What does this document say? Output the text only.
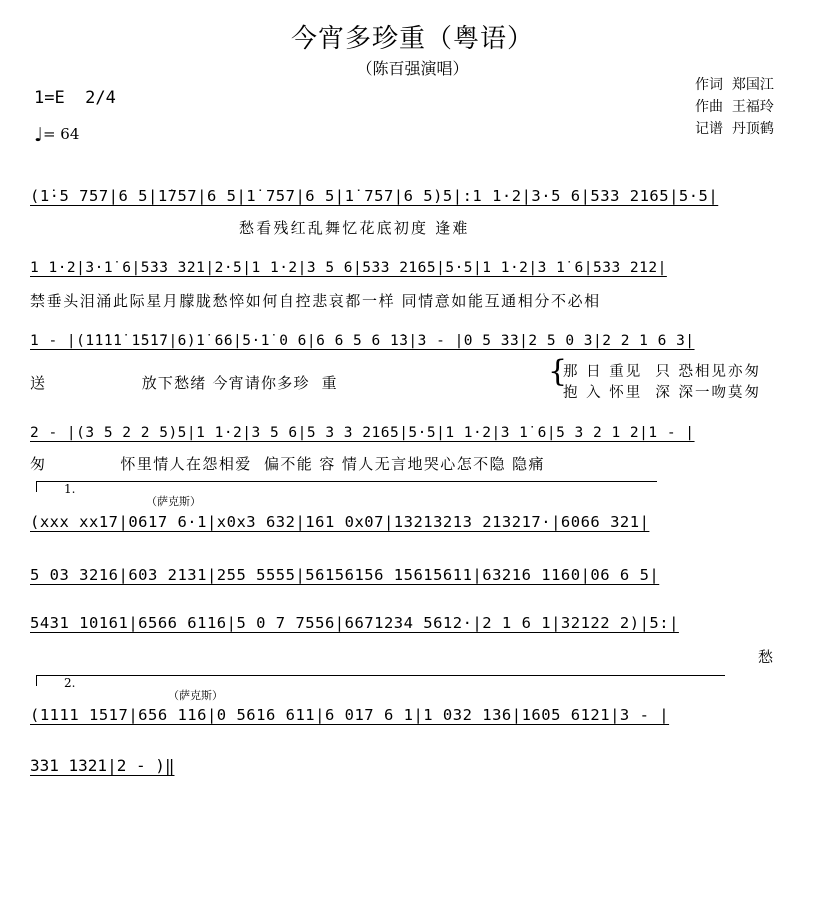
今宵多珍重（粤语）
（陈百强演唱）
作词  郑国江
作曲  王福玲
记谱  丹顶鹤
1=E  2/4
♩= 64
(1̇·5 757|6 5|1̇757|6 5|1̇ 757|6 5|1̇ 757|6 5)5|:1 1·2|3·5 6|533 2165|5·5|
愁看残红乱舞忆花底初度 逢难
1 1·2|3·1̇ 6|533 321|2·5|1 1·2|3 5 6|533 2165|5·5|1 1·2|3 1̇ 6|533 212|
禁垂头泪涌此际星月朦胧愁悴如何自控悲哀都一样 同情意如能互通相分不必相
1 - |(1̇1̇1̇1̇ 1̇5̇1̇7|6)1̇ 66|5·1̇ 0 6|6 6 5 6 1̇3|3 - |0 5 33|2 5 0 3|2 2 1 6 3|
送                放下愁绪 今宵请你多珍  重	{
那 日 重见  只 恐相见亦匆
抱 入 怀里  深 深一吻莫匆
2 - |(3 5 2 2 5)5|1 1·2|3 5 6|5 3 3 2165|5·5|1 1·2|3 1̇ 6|5 3 2 1 2|1 - |
匆            怀里情人在怨相爱  偏不能 容 情人无言地哭心怎不隐 隐痛
1.
（萨克斯）
(xxx xx17|0617 6·1|x0x3 632|161 0x07|13213213 213217·|6066 321|
5 03 3216|603 2131|255 5555|56156156 15615611|63216 1160|06 6 5|
5431 10161|6566 6116|5 0 7 7556|6671234 5612·|2 1 6 1|32122 2)|5:|
愁
2.
（萨克斯）
(1111 1517|656 116|0 5616 611|6 017 6 1|1 032 136|1605 6121|3 - |
331 1321|2 - )‖
